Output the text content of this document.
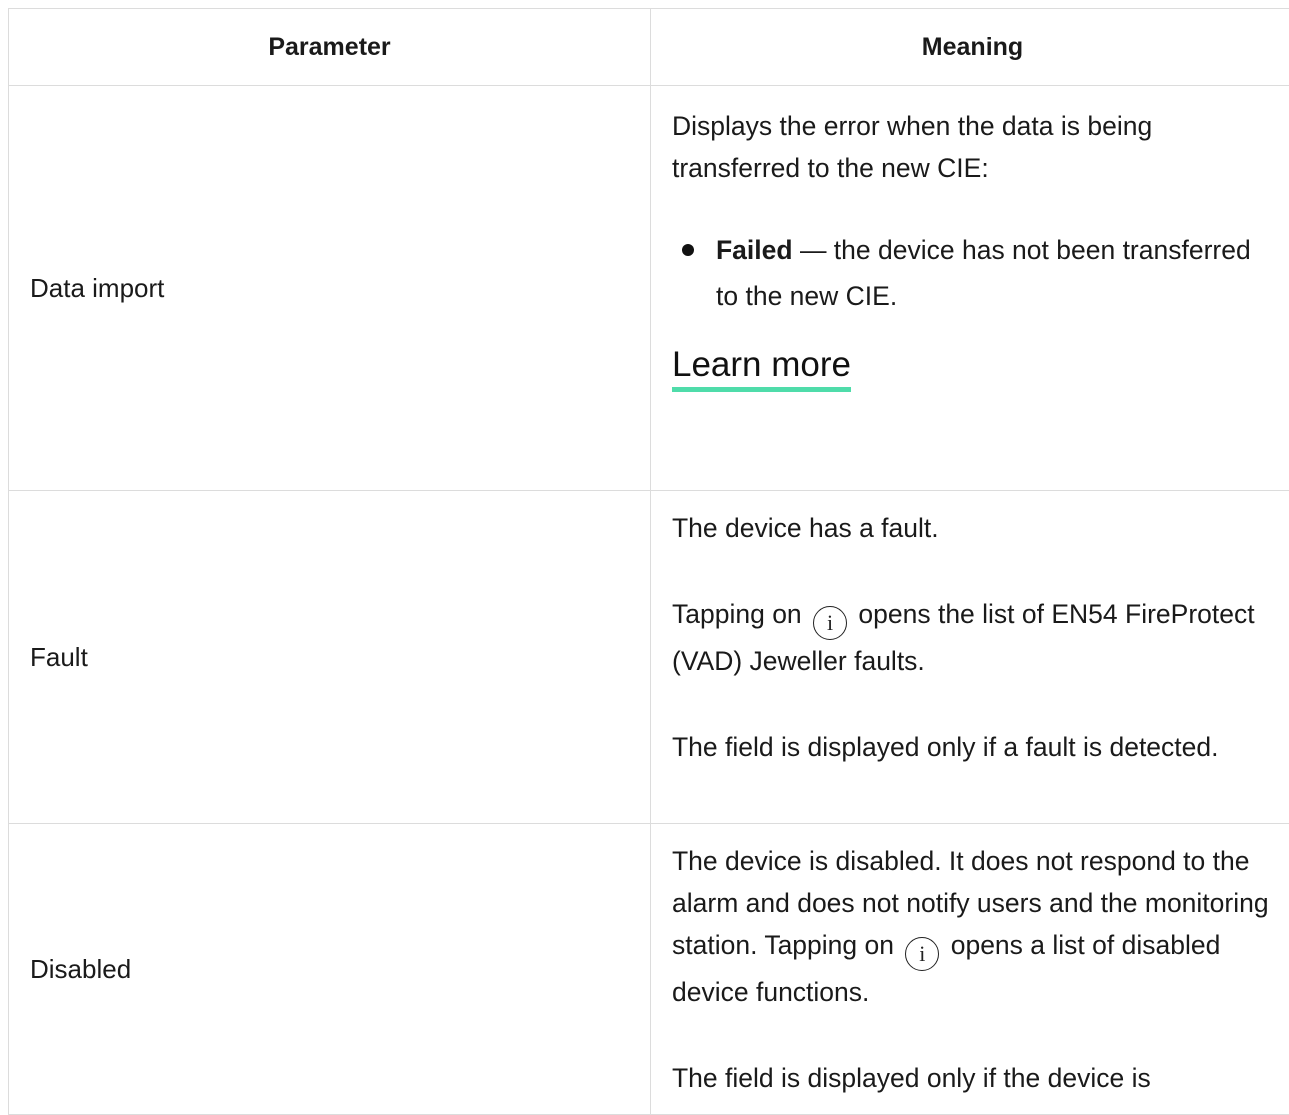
Parameter	Meaning
Data import

Displays the error when the data is being transferred to the new CIE:

Failed — the device has not been transferred to the new CIE.
Learn more
Fault

The device has a fault.

Tapping on i opens the list of EN54 FireProtect (VAD) Jeweller faults.

The field is displayed only if a fault is detected.

Disabled

The device is disabled. It does not respond to the alarm and does not notify users and the monitoring station. Tapping on i opens a list of disabled device functions.

The field is displayed only if the device is
